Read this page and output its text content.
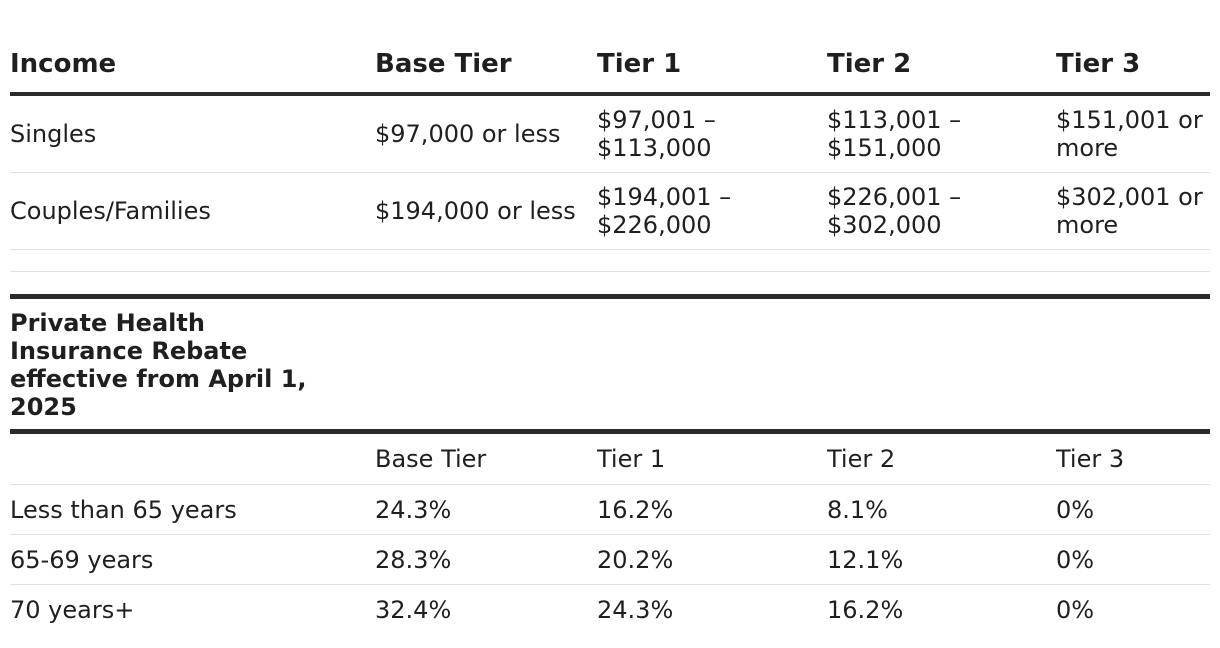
Income	Base Tier	Tier 1	Tier 2	Tier 3
Singles	$97,000 or less	$97,001 – $113,000	$113,001 – $151,000	$151,001 or more
Couples/Families	$194,000 or less	$194,001 – $226,000	$226,001 – $302,000	$302,001 or more

Private Health Insurance Rebate effective from April 1, 2025				
	Base Tier	Tier 1	Tier 2	Tier 3
Less than 65 years	24.3%	16.2%	8.1%	0%
65-69 years	28.3%	20.2%	12.1%	0%
70 years+	32.4%	24.3%	16.2%	0%
